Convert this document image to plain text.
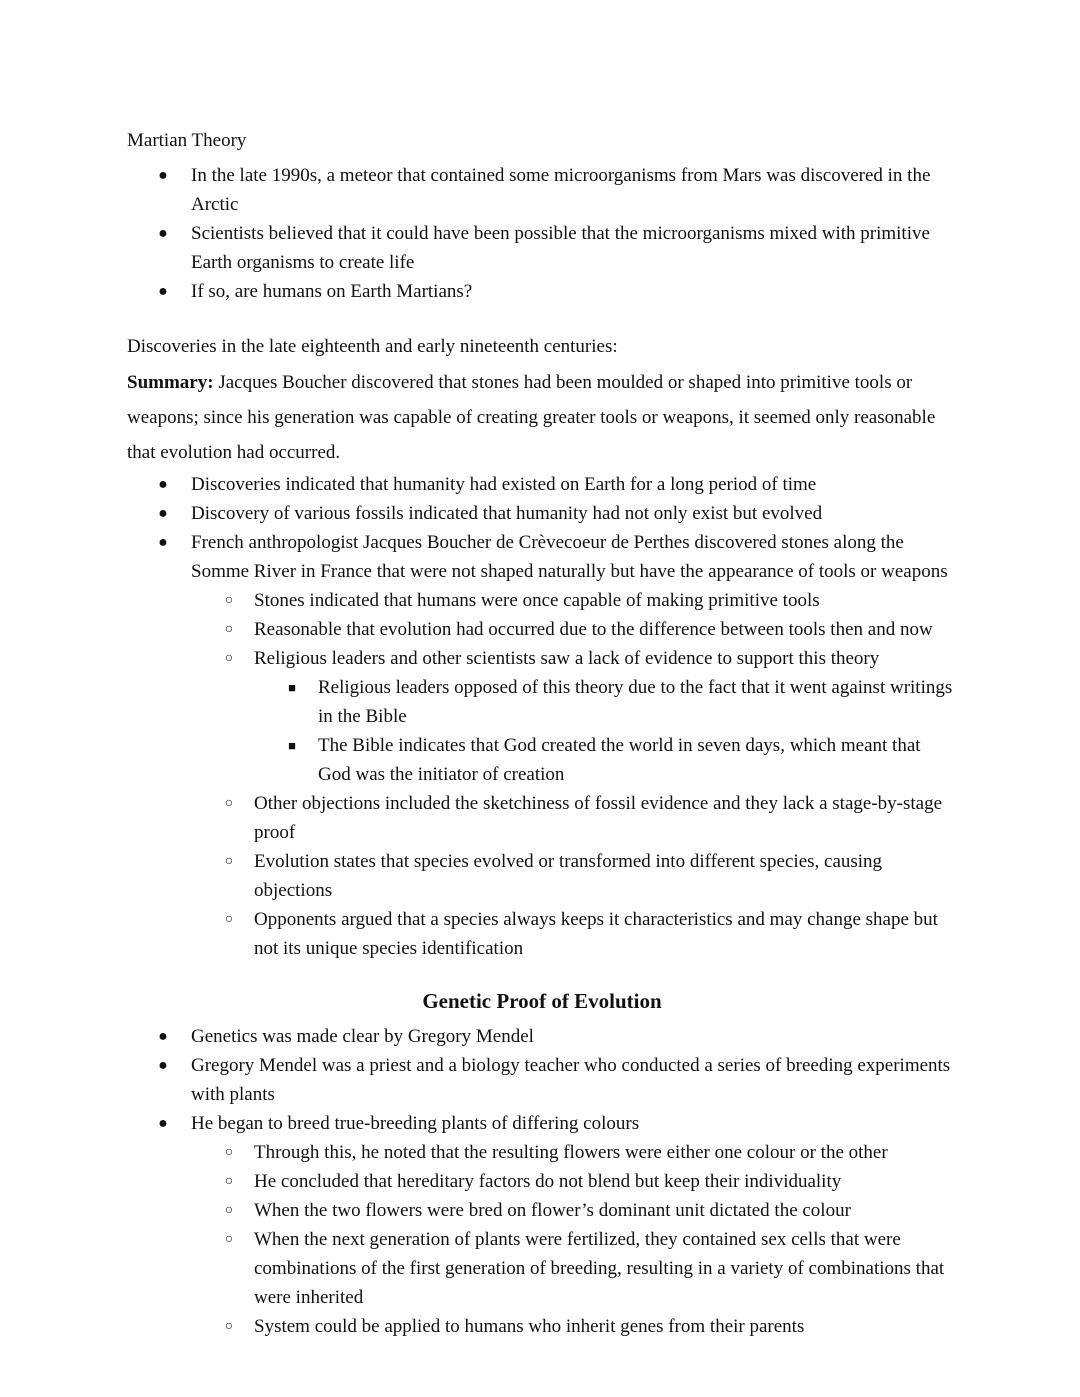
Martian Theory

● In the late 1990s, a meteor that contained some microorganisms from Mars was discovered in the Arctic
● Scientists believed that it could have been possible that the microorganisms mixed with primitive Earth organisms to create life
● If so, are humans on Earth Martians?

Discoveries in the late eighteenth and early nineteenth centuries:

Summary: Jacques Boucher discovered that stones had been moulded or shaped into primitive tools or weapons; since his generation was capable of creating greater tools or weapons, it seemed only reasonable that evolution had occurred.

● Discoveries indicated that humanity had existed on Earth for a long period of time
● Discovery of various fossils indicated that humanity had not only exist but evolved
● French anthropologist Jacques Boucher de Crèvecoeur de Perthes discovered stones along the Somme River in France that were not shaped naturally but have the appearance of tools or weapons
○	Stones indicated that humans were once capable of making primitive tools
○	Reasonable that evolution had occurred due to the difference between tools then and now
○	Religious leaders and other scientists saw a lack of evidence to support this theory
■	Religious leaders opposed of this theory due to the fact that it went against writings in the Bible
■	The Bible indicates that God created the world in seven days, which meant that God was the initiator of creation
○	Other objections included the sketchiness of fossil evidence and they lack a stage-by-stage proof
○	Evolution states that species evolved or transformed into different species, causing objections
○	Opponents argued that a species always keeps it characteristics and may change shape but not its unique species identification

Genetic Proof of Evolution

● Genetics was made clear by Gregory Mendel
● Gregory Mendel was a priest and a biology teacher who conducted a series of breeding experiments with plants
● He began to breed true-breeding plants of differing colours
○	Through this, he noted that the resulting flowers were either one colour or the other
○	He concluded that hereditary factors do not blend but keep their individuality
○	When the two flowers were bred on flower’s dominant unit dictated the colour
○	When the next generation of plants were fertilized, they contained sex cells that were combinations of the first generation of breeding, resulting in a variety of combinations that were inherited
○	System could be applied to humans who inherit genes from their parents
